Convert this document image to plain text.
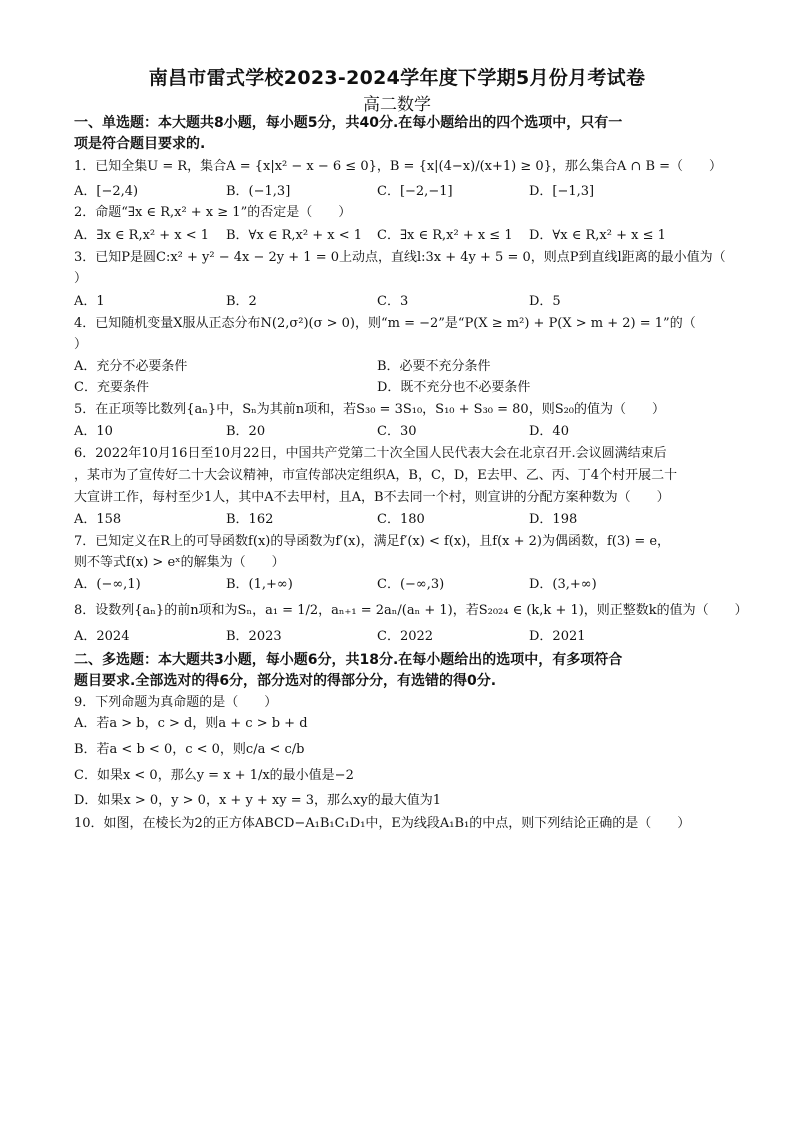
南昌市雷式学校2023-2024学年度下学期5月份月考试卷
高二数学
一、单选题：本大题共8小题，每小题5分，共40分.在每小题给出的四个选项中，只有一
项是符合题目要求的.
1．已知全集U = R，集合A = {x|x² − x − 6 ≤ 0}，B = {x|(4−x)/(x+1) ≥ 0}，那么集合A ∩ B =（　　）
A．[−2,4)	B．(−1,3]	C．[−2,−1]	D．[−1,3]
2．命题“∃x ∈ R,x² + x ≥ 1”的否定是（　　）
A．∃x ∈ R,x² + x < 1 B．∀x ∈ R,x² + x < 1 C．∃x ∈ R,x² + x ≤ 1 D．∀x ∈ R,x² + x ≤ 1
3．已知P是圆C:x² + y² − 4x − 2y + 1 = 0上动点，直线l:3x + 4y + 5 = 0，则点P到直线l距离的最小值为（
）
A．1	B．2	C．3	D．5
4．已知随机变量X服从正态分布N(2,σ²)(σ > 0)，则“m = −2”是“P(X ≥ m²) + P(X > m + 2) = 1”的（
）
A．充分不必要条件	B．必要不充分条件
C．充要条件	D．既不充分也不必要条件
5．在正项等比数列{aₙ}中，Sₙ为其前n项和，若S₃₀ = 3S₁₀，S₁₀ + S₃₀ = 80，则S₂₀的值为（　　）
A．10	B．20	C．30	D．40
6．2022年10月16日至10月22日，中国共产党第二十次全国人民代表大会在北京召开.会议圆满结束后
，某市为了宣传好二十大会议精神，市宣传部决定组织A，B，C，D，E去甲、乙、丙、丁4个村开展二十
大宣讲工作，每村至少1人，其中A不去甲村，且A，B不去同一个村，则宣讲的分配方案种数为（　　）
A．158	B．162	C．180	D．198
7．已知定义在R上的可导函数f(x)的导函数为f′(x)，满足f′(x) < f(x)，且f(x + 2)为偶函数，f(3) = e，
则不等式f(x) > eˣ的解集为（　　）
A．(−∞,1)	B．(1,+∞)	C．(−∞,3)	D．(3,+∞)
8．设数列{aₙ}的前n项和为Sₙ，a₁ = 1/2，aₙ₊₁ = 2aₙ/(aₙ + 1)，若S₂₀₂₄ ∈ (k,k + 1)，则正整数k的值为（　　）
A．2024	B．2023	C．2022	D．2021
二、多选题：本大题共3小题，每小题6分，共18分.在每小题给出的选项中，有多项符合
题目要求.全部选对的得6分，部分选对的得部分分，有选错的得0分.
9．下列命题为真命题的是（　　）
A．若a > b，c > d，则a + c > b + d
B．若a < b < 0，c < 0，则c/a < c/b
C．如果x < 0，那么y = x + 1/x的最小值是−2
D．如果x > 0，y > 0，x + y + xy = 3，那么xy的最大值为1
10．如图，在棱长为2的正方体ABCD−A₁B₁C₁D₁中，E为线段A₁B₁的中点，则下列结论正确的是（　　）
